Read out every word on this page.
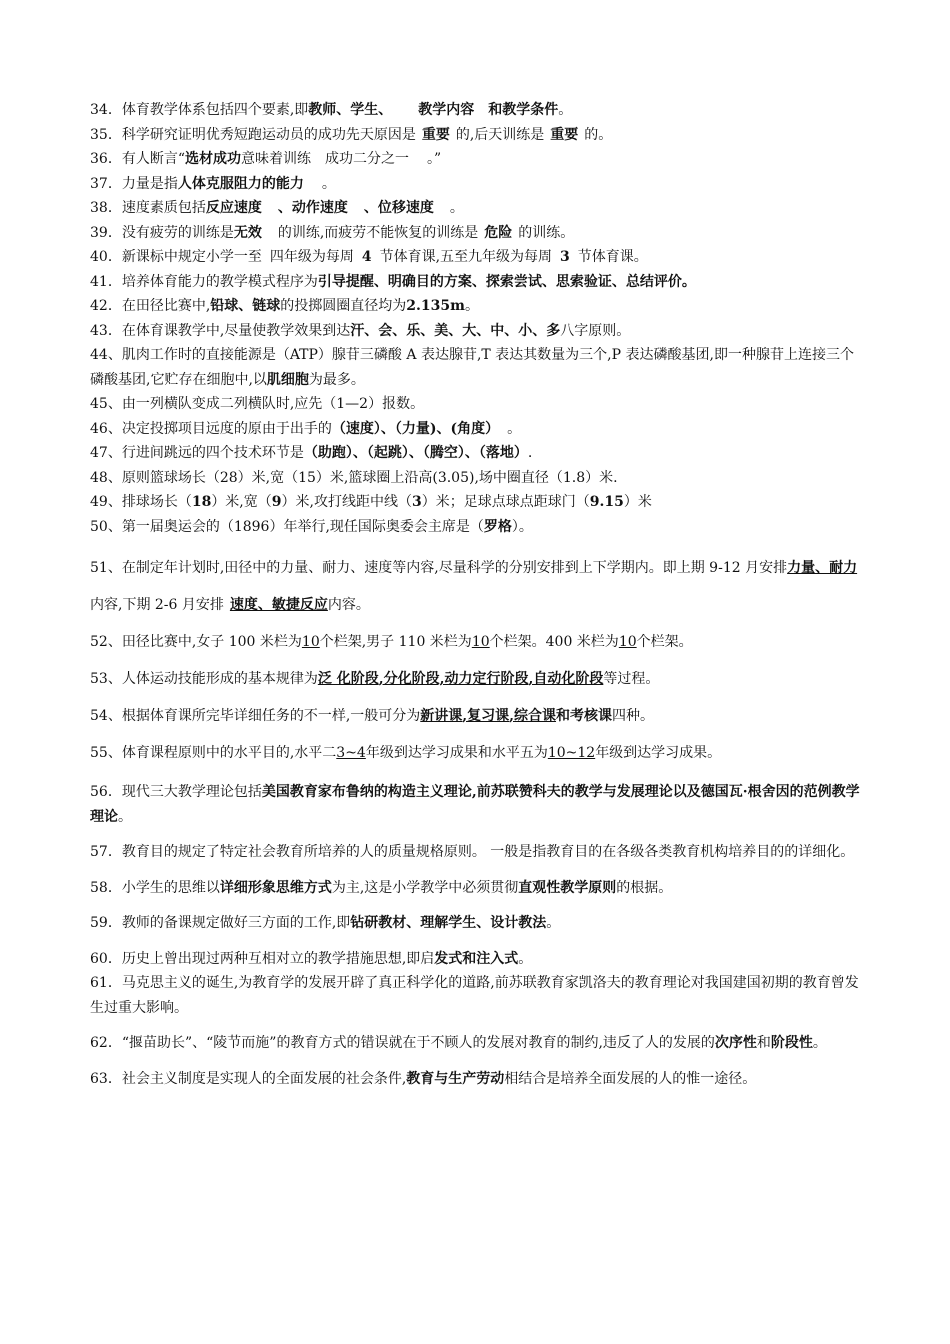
34．体育教学体系包括四个要素,即教师、学生、 教学内容 和教学条件。

35．科学研究证明优秀短跑运动员的成功先天原因是 重要 的,后天训练是 重要 的。

36．有人断言“选材成功意味着训练 成功二分之一 。”

37．力量是指人体克服阻力的能力 。

38．速度素质包括反应速度 、动作速度 、位移速度 。

39．没有疲劳的训练是无效 的训练,而疲劳不能恢复的训练是 危险 的训练。

40．新课标中规定小学一至 四年级为每周 4 节体育课,五至九年级为每周 3 节体育课。

41．培养体育能力的教学模式程序为引导提醒、明确目的方案、探索尝试、思索验证、总结评价。

42．在田径比赛中,铅球、链球的投掷圆圈直径均为2.135m。

43．在体育课教学中,尽量使教学效果到达汗、会、乐、美、大、中、小、多八字原则。

44、肌肉工作时的直接能源是（ATP）腺苷三磷酸 A 表达腺苷,T 表达其数量为三个,P 表达磷酸基团,即一种腺苷上连接三个磷酸基团,它贮存在细胞中,以肌细胞为最多。

45、由一列横队变成二列横队时,应先（1—2）报数。

46、决定投掷项目远度的原由于出手的（速度）、（力量)、(角度） 。

47、行进间跳远的四个技术环节是（助跑）、（起跳）、（腾空）、（落地）.

48、原则篮球场长（28）米,宽（15）米,篮球圈上沿高(3.05),场中圈直径（1.8）米.

49、排球场长（18）米,宽（9）米,攻打线距中线（3）米；足球点球点距球门（9.15）米

50、第一届奥运会的（1896）年举行,现任国际奥委会主席是（罗格）。

51、在制定年计划时,田径中的力量、耐力、速度等内容,尽量科学的分别安排到上下学期内。即上期 9-12 月安排力量、耐力内容,下期 2-6 月安排 速度、敏捷反应内容。

52、田径比赛中,女子 100 米栏为10个栏架,男子 110 米栏为10个栏架。400 米栏为10个栏架。

53、人体运动技能形成的基本规律为泛 化阶段,分化阶段,动力定行阶段,自动化阶段等过程。

54、根据体育课所完毕详细任务的不一样,一般可分为新讲课,复习课,综合课和考核课四种。

55、体育课程原则中的水平目的,水平二3~4年级到达学习成果和水平五为10~12年级到达学习成果。

56．现代三大教学理论包括美国教育家布鲁纳的构造主义理论,前苏联赞科夫的教学与发展理论以及德国瓦·根舍因的范例教学理论。

57．教育目的规定了特定社会教育所培养的人的质量规格原则。 一般是指教育目的在各级各类教育机构培养目的的详细化。

58．小学生的思维以详细形象思维方式为主,这是小学教学中必须贯彻直观性教学原则的根据。

59．教师的备课规定做好三方面的工作,即钻研教材、理解学生、设计教法。

60．历史上曾出现过两种互相对立的教学措施思想,即启发式和注入式。

61．马克思主义的诞生,为教育学的发展开辟了真正科学化的道路,前苏联教育家凯洛夫的教育理论对我国建国初期的教育曾发生过重大影响。

62．“揠苗助长”、“陵节而施”的教育方式的错误就在于不顾人的发展对教育的制约,违反了人的发展的次序性和阶段性。

63．社会主义制度是实现人的全面发展的社会条件,教育与生产劳动相结合是培养全面发展的人的惟一途径。
